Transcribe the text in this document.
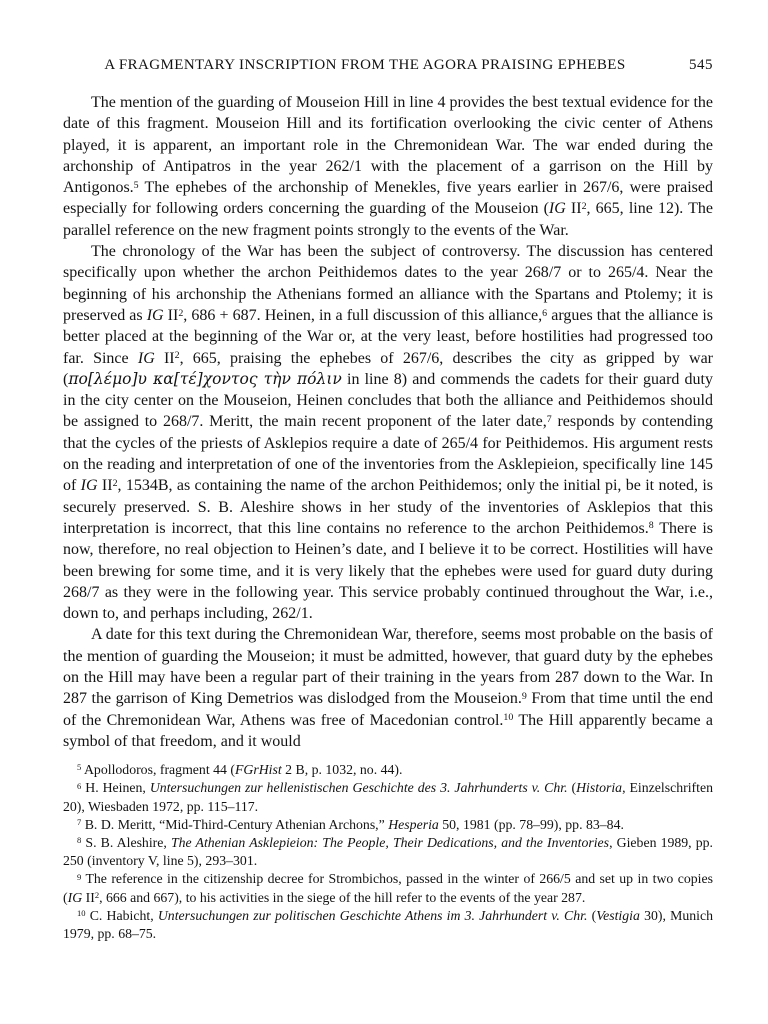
A FRAGMENTARY INSCRIPTION FROM THE AGORA PRAISING EPHEBES	545

The mention of the guarding of Mouseion Hill in line 4 provides the best textual evidence for the date of this fragment. Mouseion Hill and its fortification overlooking the civic center of Athens played, it is apparent, an important role in the Chremonidean War. The war ended during the archonship of Antipatros in the year 262/1 with the placement of a garrison on the Hill by Antigonos.$^5$ The ephebes of the archonship of Menekles, five years earlier in 267/6, were praised especially for following orders concerning the guarding of the Mouseion (IG $II^2$, 665, line 12). The parallel reference on the new fragment points strongly to the events of the War.

The chronology of the War has been the subject of controversy. The discussion has centered specifically upon whether the archon Peithidemos dates to the year 268/7 or to 265/4. Near the beginning of his archonship the Athenians formed an alliance with the Spartans and Ptolemy; it is preserved as IG $II^2$, 686 + 687. Heinen, in a full discussion of this alliance,$^6$ argues that the alliance is better placed at the beginning of the War or, at the very least, before hostilities had progressed too far. Since IG $II^2$, 665, praising the ephebes of 267/6, describes the city as gripped by war (πο[λέμο]υ κα[τέ]χοντος τὴν πόλιν in line 8) and commends the cadets for their guard duty in the city center on the Mouseion, Heinen concludes that both the alliance and Peithidemos should be assigned to 268/7. Meritt, the main recent proponent of the later date,$^7$ responds by contending that the cycles of the priests of Asklepios require a date of 265/4 for Peithidemos. His argument rests on the reading and interpretation of one of the inventories from the Asklepieion, specifically line 145 of IG $II^2$, 1534B, as containing the name of the archon Peithidemos; only the initial pi, be it noted, is securely preserved. S. B. Aleshire shows in her study of the inventories of Asklepios that this interpretation is incorrect, that this line contains no reference to the archon Peithidemos.$^8$ There is now, therefore, no real objection to Heinen’s date, and I believe it to be correct. Hostilities will have been brewing for some time, and it is very likely that the ephebes were used for guard duty during 268/7 as they were in the following year. This service probably continued throughout the War, i.e., down to, and perhaps including, 262/1.

A date for this text during the Chremonidean War, therefore, seems most probable on the basis of the mention of guarding the Mouseion; it must be admitted, however, that guard duty by the ephebes on the Hill may have been a regular part of their training in the years from 287 down to the War. In 287 the garrison of King Demetrios was dislodged from the Mouseion.$^9$ From that time until the end of the Chremonidean War, Athens was free of Macedonian control.$^{10}$ The Hill apparently became a symbol of that freedom, and it would

$^5$ Apollodoros, fragment 44 (FGrHist 2 B, p. 1032, no. 44).

$^6$ H. Heinen, Untersuchungen zur hellenistischen Geschichte des 3. Jahrhunderts v. Chr. (Historia, Einzelschriften 20), Wiesbaden 1972, pp. 115–117.

$^7$ B. D. Meritt, “Mid-Third-Century Athenian Archons,” Hesperia 50, 1981 (pp. 78–99), pp. 83–84.

$^8$ S. B. Aleshire, The Athenian Asklepieion: The People, Their Dedications, and the Inventories, Gieben 1989, pp. 250 (inventory V, line 5), 293–301.

$^9$ The reference in the citizenship decree for Strombichos, passed in the winter of 266/5 and set up in two copies (IG $II^2$, 666 and 667), to his activities in the siege of the hill refer to the events of the year 287.

$^{10}$ C. Habicht, Untersuchungen zur politischen Geschichte Athens im 3. Jahrhundert v. Chr. (Vestigia 30), Munich 1979, pp. 68–75.
